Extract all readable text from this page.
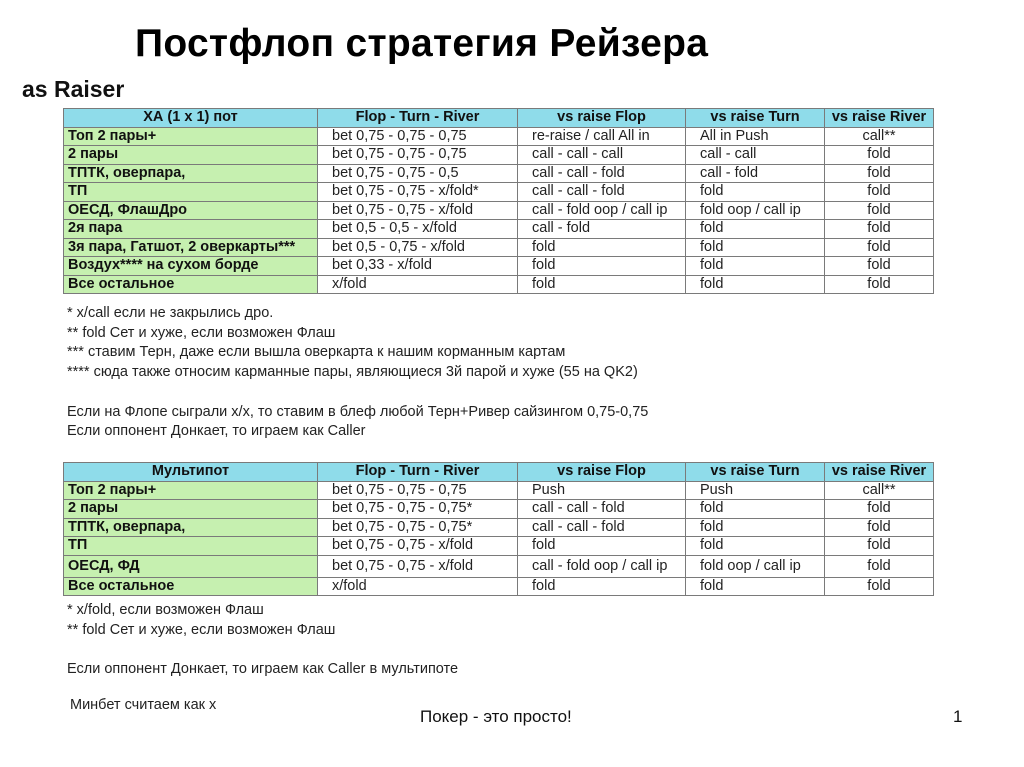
Постфлоп стратегия Рейзера
as Raiser
ХА (1 х 1) пот	Flop - Turn - River	vs raise Flop	vs raise Turn	vs raise River
Топ 2 пары+	bet 0,75 - 0,75 - 0,75	re-raise / call All in	All in Push	call**
2 пары	bet 0,75 - 0,75 - 0,75	call - call - call	call - call	fold
ТПТК, оверпара,	bet 0,75 - 0,75 - 0,5	call - call - fold	call - fold	fold
ТП	bet 0,75 - 0,75 - x/fold*	call - call - fold	fold	fold
ОЕСД, ФлашДро	bet 0,75 - 0,75 - x/fold	call - fold oop / call ip	fold oop / call ip	fold
2я пара	bet 0,5 - 0,5 - x/fold	call - fold	fold	fold
3я пара, Гатшот, 2 оверкарты***	bet 0,5 - 0,75 - x/fold	fold	fold	fold
Воздух**** на сухом борде	bet 0,33 - x/fold	fold	fold	fold
Все остальное	x/fold	fold	fold	fold
* x/call если не закрылись дро.
** fold Сет и хуже, если возможен Флаш
*** ставим Терн, даже если вышла оверкарта к нашим корманным картам
**** сюда также относим карманные пары, являющиеся 3й парой и хуже (55 на QK2)
Если на Флопе сыграли х/х, то ставим в блеф любой Терн+Ривер сайзингом 0,75-0,75
Если оппонент Донкает, то играем как Caller
Мультипот	Flop - Turn - River	vs raise Flop	vs raise Turn	vs raise River
Топ 2 пары+	bet 0,75 - 0,75 - 0,75	Push	Push	call**
2 пары	bet 0,75 - 0,75 - 0,75*	call - call - fold	fold	fold
ТПТК, оверпара,	bet 0,75 - 0,75 - 0,75*	call - call - fold	fold	fold
ТП	bet 0,75 - 0,75 - x/fold	fold	fold	fold
ОЕСД, ФД	bet 0,75 - 0,75 - x/fold	call - fold oop / call ip	fold oop / call ip	fold
Все остальное	x/fold	fold	fold	fold
* x/fold, если возможен Флаш
** fold Сет и хуже, если возможен Флаш
Если оппонент Донкает, то играем как Caller в мультипоте
Минбет считаем как х
Покер - это просто!	1
